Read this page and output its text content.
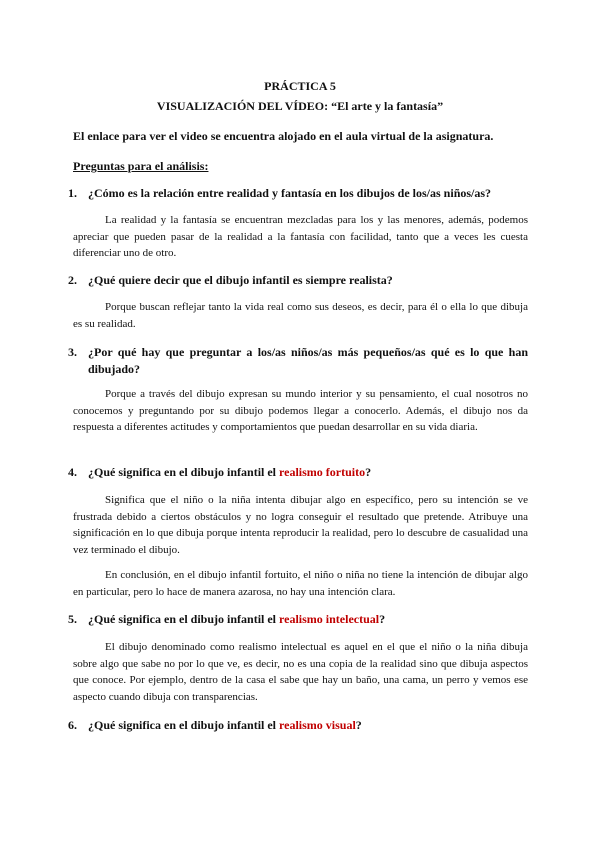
PRÁCTICA 5

VISUALIZACIÓN DEL VÍDEO: “El arte y la fantasía”

El enlace para ver el video se encuentra alojado en el aula virtual de la asignatura.

Preguntas para el análisis:

1. ¿Cómo es la relación entre realidad y fantasía en los dibujos de los/as niños/as?

La realidad y la fantasía se encuentran mezcladas para los y las menores, además, podemos apreciar que pueden pasar de la realidad a la fantasía con facilidad, tanto que a veces les cuesta diferenciar uno de otro.

2. ¿Qué quiere decir que el dibujo infantil es siempre realista?

Porque buscan reflejar tanto la vida real como sus deseos, es decir, para él o ella lo que dibuja es su realidad.

3. ¿Por qué hay que preguntar a los/as niños/as más pequeños/as qué es lo que han dibujado?

Porque a través del dibujo expresan su mundo interior y su pensamiento, el cual nosotros no conocemos y preguntando por su dibujo podemos llegar a conocerlo. Además, el dibujo nos da respuesta a diferentes actitudes y comportamientos que puedan desarrollar en su vida diaria.

4. ¿Qué significa en el dibujo infantil el realismo fortuito?

Significa que el niño o la niña intenta dibujar algo en específico, pero su intención se ve frustrada debido a ciertos obstáculos y no logra conseguir el resultado que pretende. Atribuye una significación en lo que dibuja porque intenta reproducir la realidad, pero lo descubre de casualidad una vez terminado el dibujo.

En conclusión, en el dibujo infantil fortuito, el niño o niña no tiene la intención de dibujar algo en particular, pero lo hace de manera azarosa, no hay una intención clara.

5. ¿Qué significa en el dibujo infantil el realismo intelectual?

El dibujo denominado como realismo intelectual es aquel en el que el niño o la niña dibuja sobre algo que sabe no por lo que ve, es decir, no es una copia de la realidad sino que dibuja aspectos que conoce. Por ejemplo, dentro de la casa el sabe que hay un baño, una cama, un perro y vemos ese aspecto cuando dibuja con transparencias.

6. ¿Qué significa en el dibujo infantil el realismo visual?
